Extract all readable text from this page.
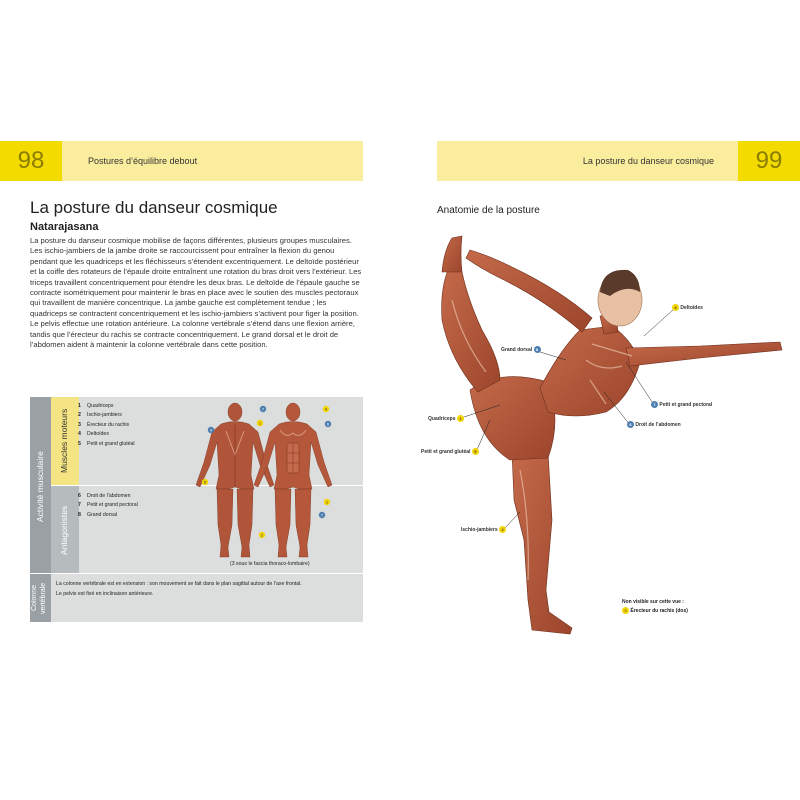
98	Postures d’équilibre debout	La posture du danseur cosmique	99
La posture du danseur cosmique
Natarajasana

La posture du danseur cosmique mobilise de façons différentes, plusieurs groupes musculaires. Les ischio-jambiers de la jambe droite se raccourcissent pour entraîner la flexion du genou pendant que les quadriceps et les fléchisseurs s’étendent excentriquement. Le deltoïde postérieur et la coiffe des rotateurs de l’épaule droite entraînent une rotation du bras droit vers l’extérieur. Les triceps travaillent concentriquement pour étendre les deux bras. Le deltoïde de l’épaule gauche se contracte isométriquement pour maintenir le bras en place avec le soutien des muscles pectoraux qui travaillent de manière concentrique. La jambe gauche est complètement tendue ; les quadriceps se contractent concentriquement et les ischio-jambiers s’activent pour figer la position. Le pelvis effectue une rotation antérieure. La colonne vertébrale s’étend dans une flexion arrière, tandis que l’érecteur du rachis se contracte concentriquement. Le grand dorsal et le droit de l’abdomen aident à maintenir la colonne vertébrale dans cette position.

Activité musculaire
Muscles moteurs
Antagonistes
Colonne vertébrale
1 Quadriceps
2 Ischio-jambiers
3 Érecteur du rachis
4 Deltoïdes
5 Petit et grand glutéal
6 Droit de l’abdomen
7 Petit et grand pectoral
8 Grand dorsal
1
4
5
2
7	4
6
1
7
(3 sous le fascia thoraco-lombaire)
La colonne vertébrale est en extension : son mouvement se fait dans le plan sagittal autour de l’axe frontal.
Le pelvis est fixé en inclinaison antérieure.
Anatomie de la posture
4 Deltoïdes
Grand dorsal 8
7 Petit et grand pectoral
6 Droit de l’abdomen
Quadriceps 1
Petit et grand glutéal 5
Ischio-jambiers 2
Non visible sur cette vue :
3 Érecteur du rachis (dos)
